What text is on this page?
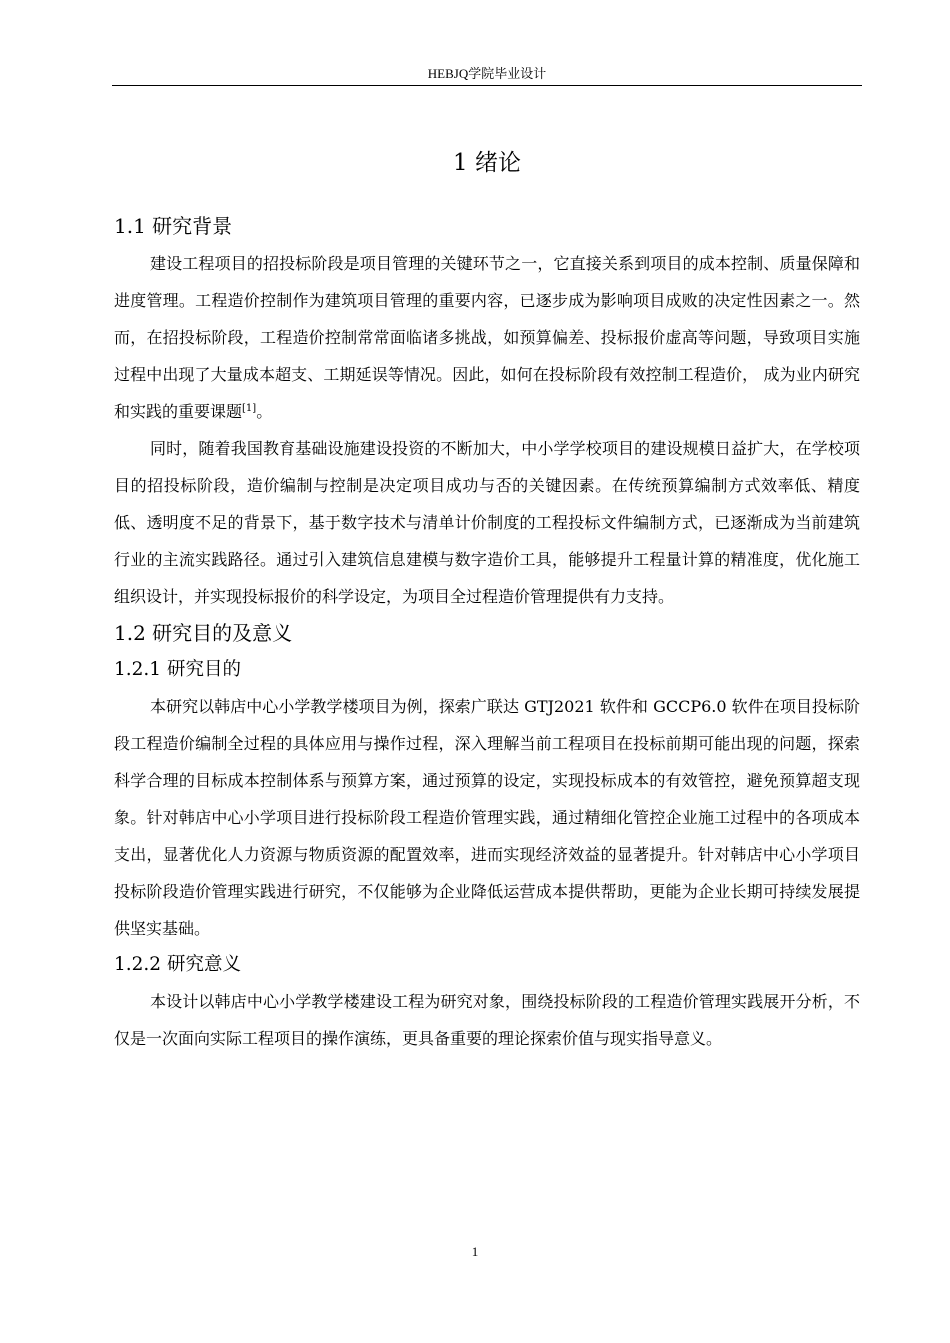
HEBJQ学院毕业设计
1 绪论
1.1 研究背景

建设工程项目的招投标阶段是项目管理的关键环节之一，它直接关系到项目的成本控制、质量保障和进度管理。工程造价控制作为建筑项目管理的重要内容，已逐步成为影响项目成败的决定性因素之一。然而，在招投标阶段，工程造价控制常常面临诸多挑战，如预算偏差、投标报价虚高等问题，导致项目实施过程中出现了大量成本超支、工期延误等情况。因此，如何在投标阶段有效控制工程造价， 成为业内研究和实践的重要课题[1]。

同时，随着我国教育基础设施建设投资的不断加大，中小学学校项目的建设规模日益扩大，在学校项目的招投标阶段，造价编制与控制是决定项目成功与否的关键因素。在传统预算编制方式效率低、精度低、透明度不足的背景下，基于数字技术与清单计价制度的工程投标文件编制方式，已逐渐成为当前建筑行业的主流实践路径。通过引入建筑信息建模与数字造价工具，能够提升工程量计算的精准度，优化施工组织设计，并实现投标报价的科学设定，为项目全过程造价管理提供有力支持。

1.2 研究目的及意义
1.2.1 研究目的

本研究以韩店中心小学教学楼项目为例，探索广联达 GTJ2021 软件和 GCCP6.0 软件在项目投标阶段工程造价编制全过程的具体应用与操作过程，深入理解当前工程项目在投标前期可能出现的问题，探索科学合理的目标成本控制体系与预算方案，通过预算的设定，实现投标成本的有效管控，避免预算超支现象。针对韩店中心小学项目进行投标阶段工程造价管理实践，通过精细化管控企业施工过程中的各项成本支出，显著优化人力资源与物质资源的配置效率，进而实现经济效益的显著提升。针对韩店中心小学项目投标阶段造价管理实践进行研究，不仅能够为企业降低运营成本提供帮助，更能为企业长期可持续发展提供坚实基础。

1.2.2 研究意义

本设计以韩店中心小学教学楼建设工程为研究对象，围绕投标阶段的工程造价管理实践展开分析，不仅是一次面向实际工程项目的操作演练，更具备重要的理论探索价值与现实指导意义。

1
